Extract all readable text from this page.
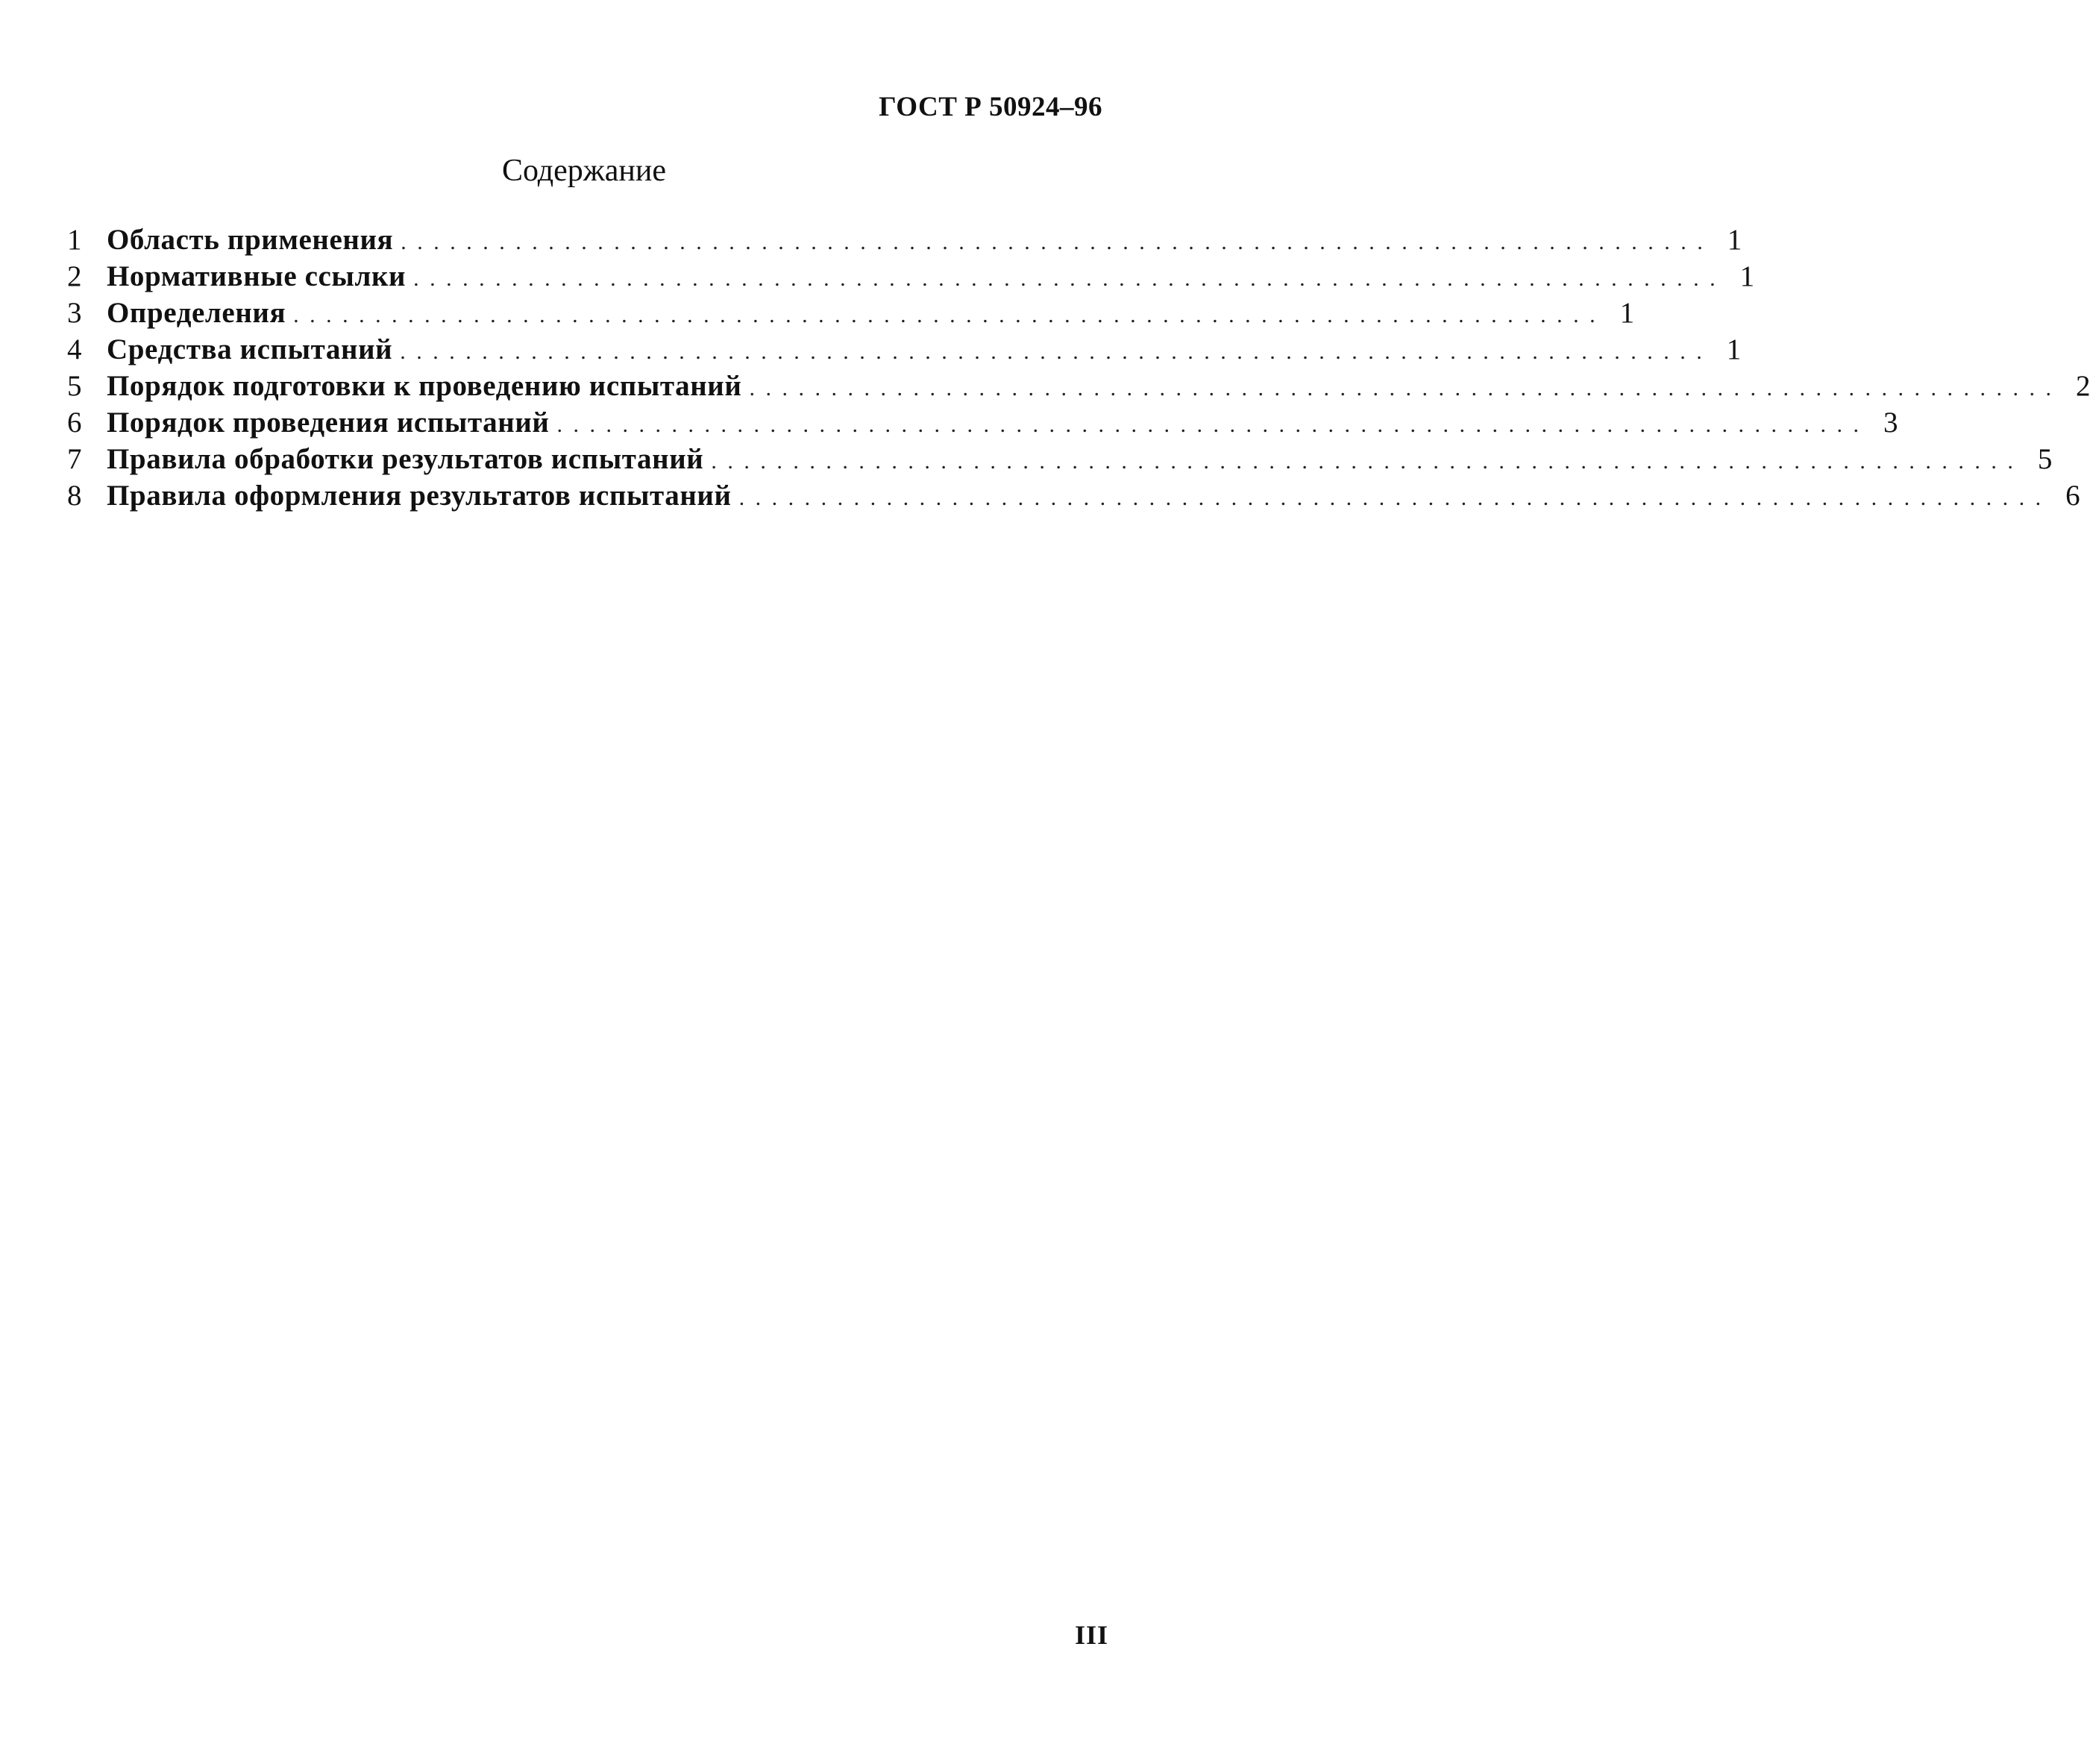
ГОСТ Р 50924–96
Содержание
1 Область применения ................................................................................ 1
2 Нормативные ссылки ................................................................................ 1
3 Определения ................................................................................ 1
4 Средства испытаний ................................................................................ 1
5 Порядок подготовки к проведению испытаний ................................................................................ 2
6 Порядок проведения испытаний ................................................................................ 3
7 Правила обработки результатов испытаний ................................................................................ 5
8 Правила оформления результатов испытаний ................................................................................ 6
III
